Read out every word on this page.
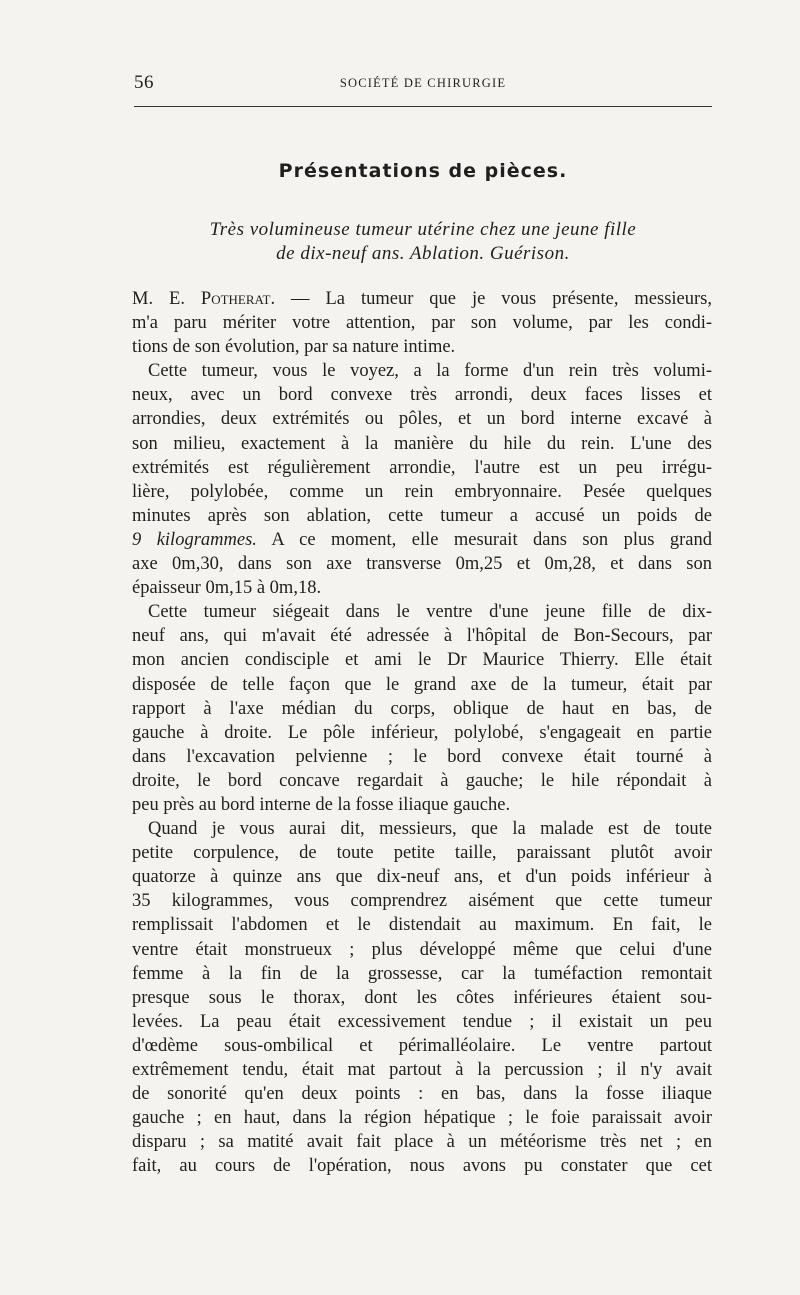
56	SOCIÉTÉ DE CHIRURGIE
Présentations de pièces.
Très volumineuse tumeur utérine chez une jeune fille
de dix-neuf ans. Ablation. Guérison.
M. E. Potherat. — La tumeur que je vous présente, messieurs,
m'a paru mériter votre attention, par son volume, par les condi-
tions de son évolution, par sa nature intime.
Cette tumeur, vous le voyez, a la forme d'un rein très volumi-
neux, avec un bord convexe très arrondi, deux faces lisses et
arrondies, deux extrémités ou pôles, et un bord interne excavé à
son milieu, exactement à la manière du hile du rein. L'une des
extrémités est régulièrement arrondie, l'autre est un peu irrégu-
lière, polylobée, comme un rein embryonnaire. Pesée quelques
minutes après son ablation, cette tumeur a accusé un poids de
9 kilogrammes. A ce moment, elle mesurait dans son plus grand
axe 0m,30, dans son axe transverse 0m,25 et 0m,28, et dans son
épaisseur 0m,15 à 0m,18.
Cette tumeur siégeait dans le ventre d'une jeune fille de dix-
neuf ans, qui m'avait été adressée à l'hôpital de Bon-Secours, par
mon ancien condisciple et ami le Dr Maurice Thierry. Elle était
disposée de telle façon que le grand axe de la tumeur, était par
rapport à l'axe médian du corps, oblique de haut en bas, de
gauche à droite. Le pôle inférieur, polylobé, s'engageait en partie
dans l'excavation pelvienne ; le bord convexe était tourné à
droite, le bord concave regardait à gauche; le hile répondait à
peu près au bord interne de la fosse iliaque gauche.
Quand je vous aurai dit, messieurs, que la malade est de toute
petite corpulence, de toute petite taille, paraissant plutôt avoir
quatorze à quinze ans que dix-neuf ans, et d'un poids inférieur à
35 kilogrammes, vous comprendrez aisément que cette tumeur
remplissait l'abdomen et le distendait au maximum. En fait, le
ventre était monstrueux ; plus développé même que celui d'une
femme à la fin de la grossesse, car la tuméfaction remontait
presque sous le thorax, dont les côtes inférieures étaient sou-
levées. La peau était excessivement tendue ; il existait un peu
d'œdème sous-ombilical et périmalléolaire. Le ventre partout
extrêmement tendu, était mat partout à la percussion ; il n'y avait
de sonorité qu'en deux points : en bas, dans la fosse iliaque
gauche ; en haut, dans la région hépatique ; le foie paraissait avoir
disparu ; sa matité avait fait place à un météorisme très net ; en
fait, au cours de l'opération, nous avons pu constater que cet
